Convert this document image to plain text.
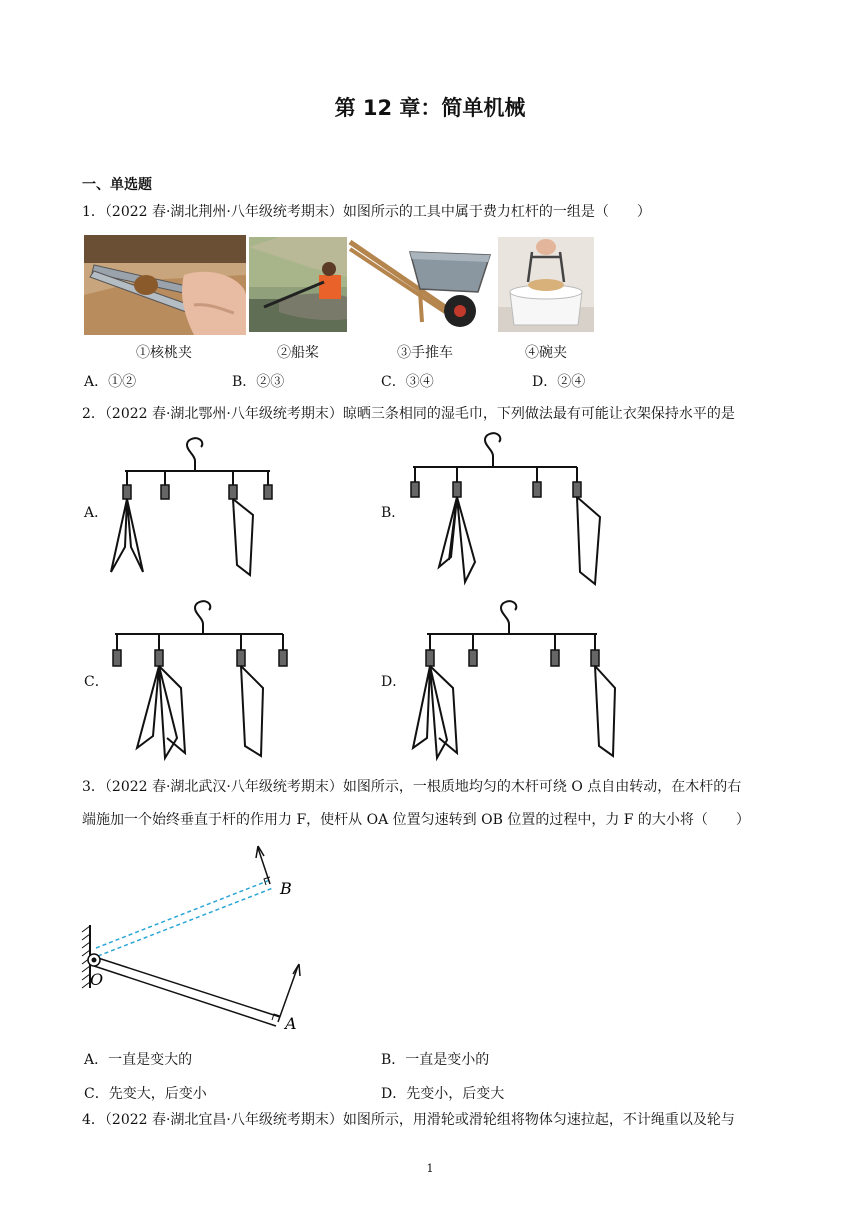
第 12 章：简单机械
一、单选题
1．（2022 春·湖北荆州·八年级统考期末）如图所示的工具中属于费力杠杆的一组是（　　）
①核桃夹	②船桨	③手推车	④碗夹
A．①②	B．②③	C．③④	D．②④
2．（2022 春·湖北鄂州·八年级统考期末）晾晒三条相同的湿毛巾，下列做法最有可能让衣架保持水平的是
A．	B．
C．	D．
3．（2022 春·湖北武汉·八年级统考期末）如图所示，一根质地均匀的木杆可绕 O 点自由转动，在木杆的右
端施加一个始终垂直于杆的作用力 F，使杆从 OA 位置匀速转到 OB 位置的过程中，力 F 的大小将（　　）
B
O
A
A．一直是变大的	B．一直是变小的
C．先变大，后变小	D．先变小，后变大
4．（2022 春·湖北宜昌·八年级统考期末）如图所示，用滑轮或滑轮组将物体匀速拉起，不计绳重以及轮与
1
